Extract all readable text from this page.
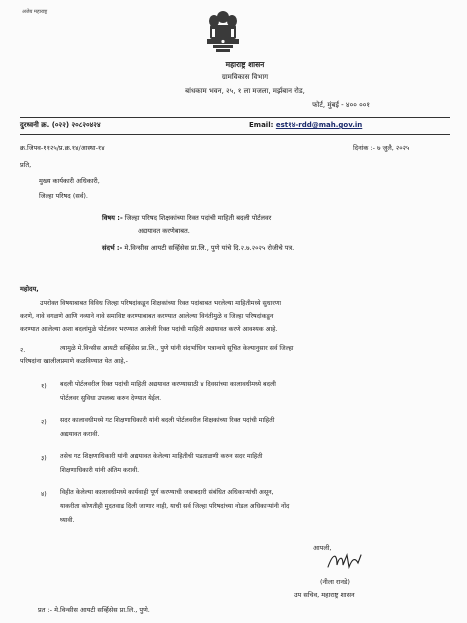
अजेय महाराष्ट्र
महाराष्ट्र शासन
ग्रामविकास विभाग
बांधकाम भवन, २५, १ ला मजला, मर्झबान रोड,
फोर्ट, मुंबई - ४०० ००१
दुरध्वनी क्र. (०२२) २०८२०४२४	Email: est१४-rdd@mah.gov.in
क्र.जिपव-११२५/प्र.क्र.१४/आस्था-१४	दिनांक :- ७ जुलै, २०२५
प्रति,
मुख्य कार्यकारी अधिकारी,
जिल्हा परिषद (सर्व).
विषय :- जिल्हा परिषद शिक्षकांच्या रिक्त पदांची माहिती बदली पोर्टलवर
अद्ययावत करणेबाबत.
संदर्भ :- मे.विन्सीस आयटी सर्व्हिसेस प्रा.लि., पुणे यांचे दि.२.७.२०२५ रोजीचे पत्र.
महोदय,
उपरोक्त विषयाबाबत विविध जिल्हा परिषदांकडून शिक्षकांच्या रिक्त पदांबाबत भरलेल्या माहितीमध्ये सुधारणा
करणे, नावे वगळणे आणि नव्याने नावे समाविष्ट करण्याबाबत करण्यात आलेल्या विनंतीमुळे व जिल्हा परिषदांकडून
करण्यात आलेल्या अशा बदलांमुळे पोर्टलवर भरण्यात आलेली रिक्त पदांची माहिती अद्ययावत करणे आवश्यक आहे.
२.	त्यामुळे मे.विन्सीस आयटी सर्व्हिसेस प्रा.लि., पुणे यांनी संदर्भाधिन पत्रान्वये सूचित केल्यानुसार सर्व जिल्हा
परिषदांना खालीलप्रमाणे कळविण्यात येत आहे,-
१) बदली पोर्टलवरील रिक्त पदांची माहिती अद्ययावत करण्यासाठी ४ दिवसांच्या कालावधीमध्ये बदली
पोर्टलवर सुविधा उपलब्ध करुन देण्यात येईल.
२) सदर कालावधीमध्ये गट शिक्षणाधिकारी यांनी बदली पोर्टलवरील शिक्षकांच्या रिक्त पदांची माहिती
अद्ययावत करावी.
३) तसेच गट शिक्षणाधिकारी यांनी अद्ययावत केलेल्या माहितीची पडताळणी करुन सदर माहिती
शिक्षणाधिकारी यांनी अंतिम करावी.
४) विहीत केलेल्या कालावधीमध्ये कार्यवाही पूर्ण करण्याची जबाबदारी संबंधित अधिकाऱ्यांची असून,
याकरीता कोणतीही मुदतवाढ दिली जाणार नाही, याची सर्व जिल्हा परिषदांच्या नोडल अधिकाऱ्यांनी नोंद
घ्यावी.
आपली,
(नीला रानडे)
उप सचिव, महाराष्ट्र शासन
प्रत :- मे.विन्सीस आयटी सर्व्हिसेस प्रा.लि., पुणे.
